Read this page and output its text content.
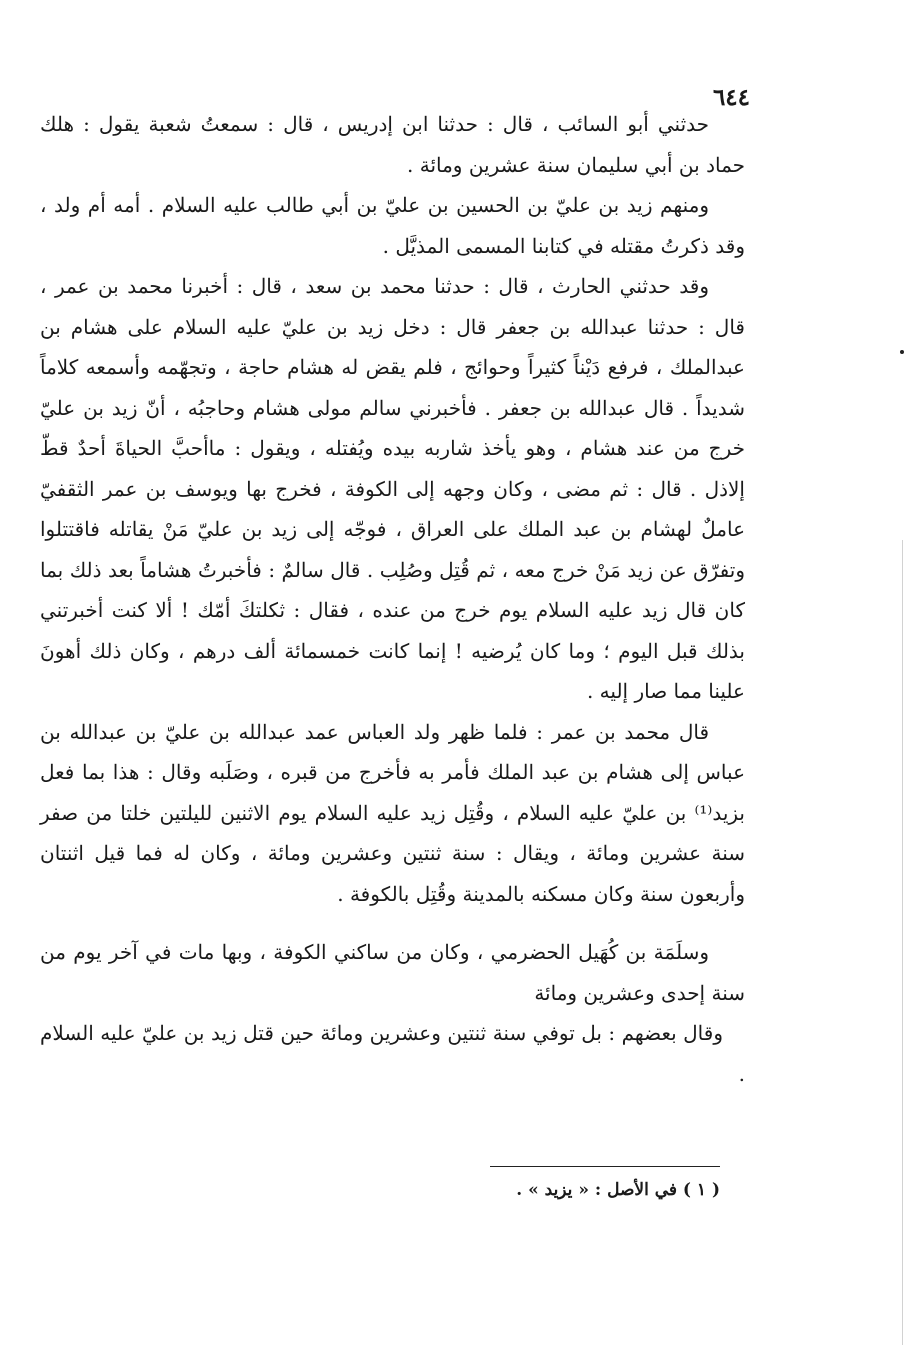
٦٤٤

حدثني أبو السائب ، قال : حدثنا ابن إدريس ، قال : سمعتُ شعبة يقول : هلك حماد بن أبي سليمان سنة عشرين ومائة .

ومنهم زيد بن عليّ بن الحسين بن عليّ بن أبي طالب عليه السلام . أمه أم ولد ، وقد ذكرتُ مقتله في كتابنا المسمى المذيَّل .

وقد حدثني الحارث ، قال : حدثنا محمد بن سعد ، قال : أخبرنا محمد بن عمر ، قال : حدثنا عبدالله بن جعفر قال : دخل زيد بن عليّ عليه السلام على هشام بن عبدالملك ، فرفع دَيْناً كثيراً وحوائج ، فلم يقض له هشام حاجة ، وتجهّمه وأسمعه كلاماً شديداً . قال عبدالله بن جعفر . فأخبرني سالم مولى هشام وحاجبُه ، أنّ زيد بن عليّ خرج من عند هشام ، وهو يأخذ شاربه بيده ويُفتله ، ويقول : ماأحبَّ الحياةَ أحدٌ قطّ إلاذل . قال : ثم مضى ، وكان وجهه إلى الكوفة ، فخرج بها ويوسف بن عمر الثقفيّ عاملٌ لهشام بن عبد الملك على العراق ، فوجّه إلى زيد بن عليّ مَنْ يقاتله فاقتتلوا وتفرّق عن زيد مَنْ خرج معه ، ثم قُتِل وصُلِب . قال سالمٌ : فأخبرتُ هشاماً بعد ذلك بما كان قال زيد عليه السلام يوم خرج من عنده ، فقال : ثكلتكَ أمّك ! ألا كنت أخبرتني بذلك قبل اليوم ؛ وما كان يُرضيه ! إنما كانت خمسمائة ألف درهم ، وكان ذلك أهونَ علينا مما صار إليه .

قال محمد بن عمر : فلما ظهر ولد العباس عمد عبدالله بن عليّ بن عبدالله بن عباس إلى هشام بن عبد الملك فأمر به فأخرج من قبره ، وصَلَبه وقال : هذا بما فعل بزيد⁽¹⁾ بن عليّ عليه السلام ، وقُتِل زيد عليه السلام يوم الاثنين لليلتين خلتا من صفر سنة عشرين ومائة ، ويقال : سنة ثنتين وعشرين ومائة ، وكان له فما قيل اثنتان وأربعون سنة وكان مسكنه بالمدينة وقُتِل بالكوفة .

وسلَمَة بن كُهَيل الحضرمي ، وكان من ساكني الكوفة ، وبها مات في آخر يوم من سنة إحدى وعشرين ومائة

وقال بعضهم : بل توفي سنة ثنتين وعشرين ومائة حين قتل زيد بن عليّ عليه السلام .

( ١ ) في الأصل : « يزيد » .
